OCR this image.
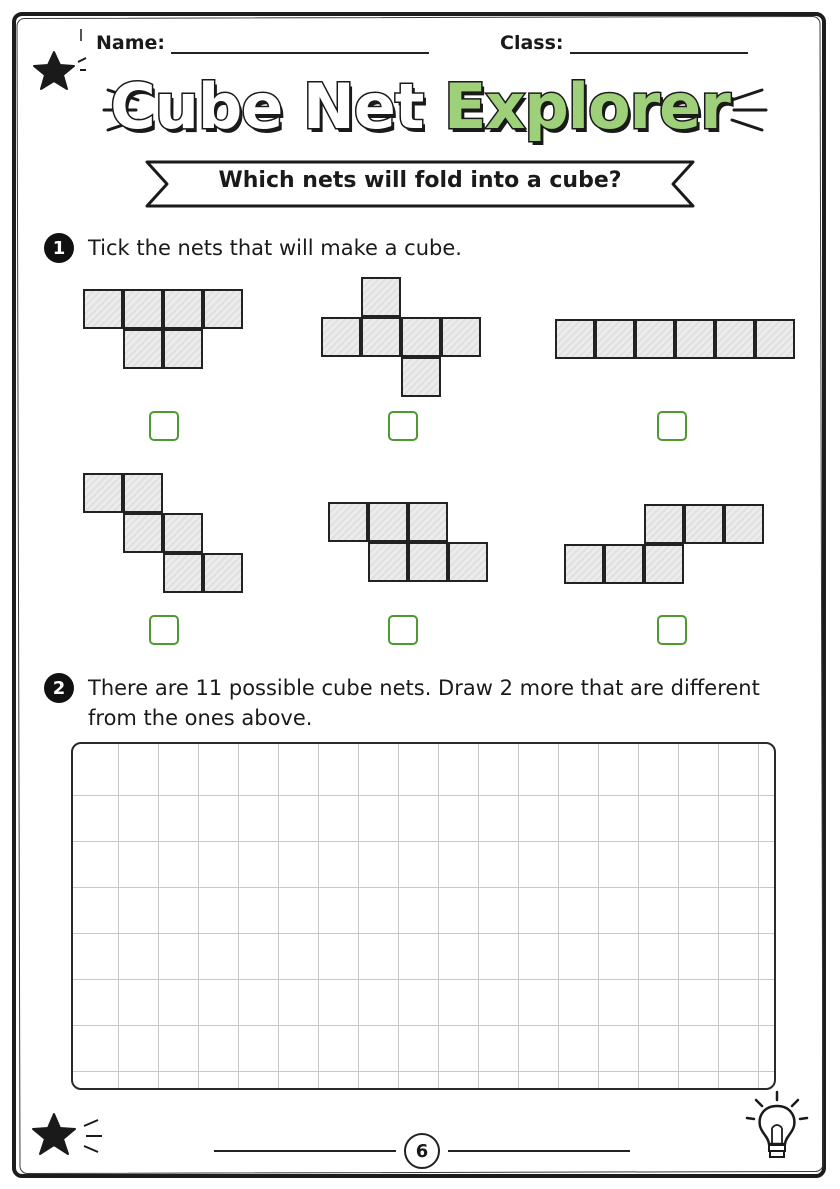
Name:	Class:
Cube Net Explorer
Which nets will fold into a cube?
1	Tick the nets that will make a cube.
2	There are 11 possible cube nets. Draw 2 more that are different
from the ones above.
6
